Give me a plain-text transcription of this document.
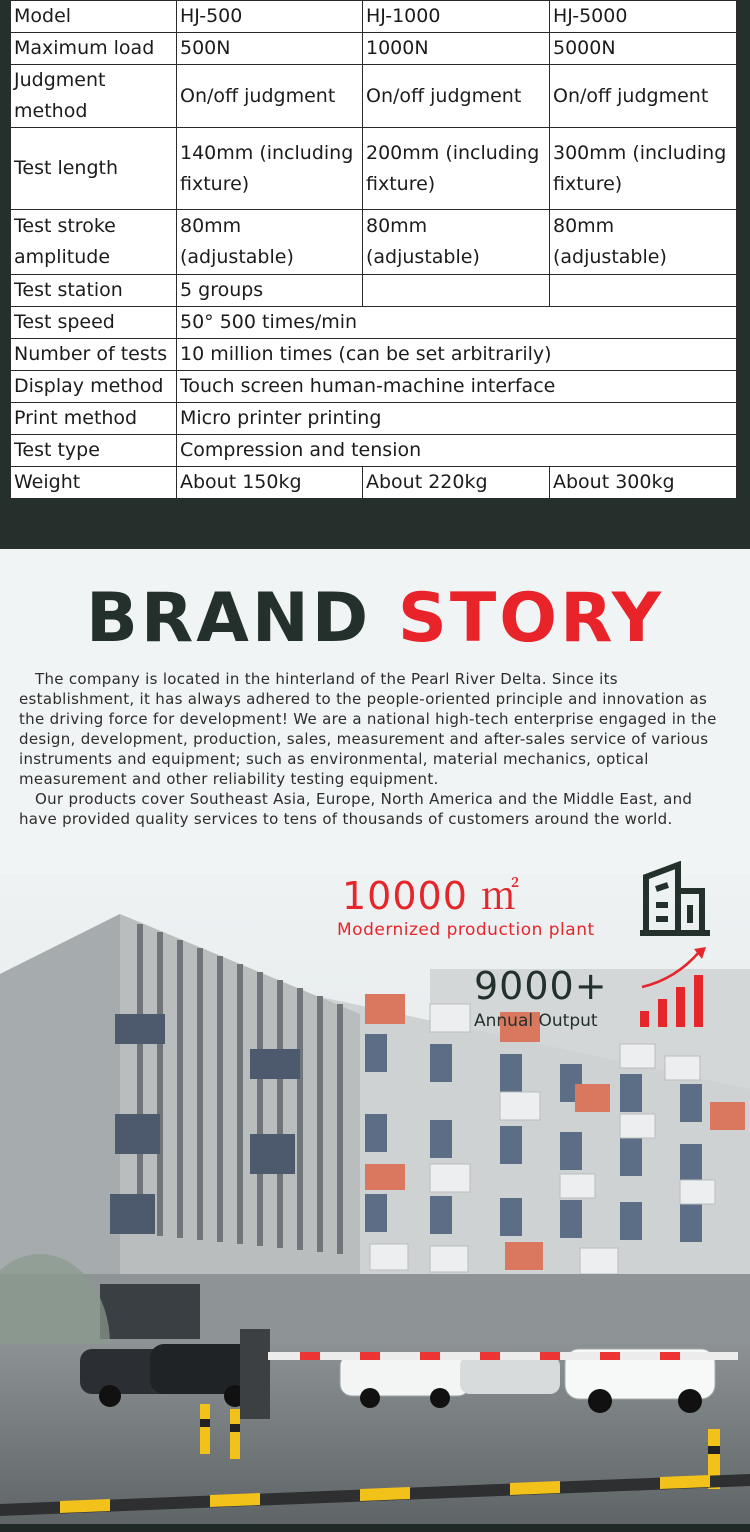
Model	HJ-500	HJ-1000	HJ-5000
Maximum load	500N	1000N	5000N
Judgment method	On/off judgment	On/off judgment	On/off judgment
Test length	140mm (including fixture)	200mm (including fixture)	300mm (including fixture)
Test stroke amplitude	80mm (adjustable)	80mm (adjustable)	80mm (adjustable)
Test station	5 groups		
Test speed	50° 500 times/min		
Number of tests	10 million times (can be set arbitrarily)		
Display method	Touch screen human-machine interface		
Print method	Micro printer printing		
Test type	Compression and tension		
Weight	About 150kg	About 220kg	About 300kg
BRAND STORY

The company is located in the hinterland of the Pearl River Delta. Since its establishment, it has always adhered to the people-oriented principle and innovation as the driving force for development! We are a national high-tech enterprise engaged in the design, development, production, sales, measurement and after-sales service of various instruments and equipment; such as environmental, material mechanics, optical measurement and other reliability testing equipment.

Our products cover Southeast Asia, Europe, North America and the Middle East, and have provided quality services to tens of thousands of customers around the world.

10000 ㎡
Modernized production plant
9000+
Annual Output
